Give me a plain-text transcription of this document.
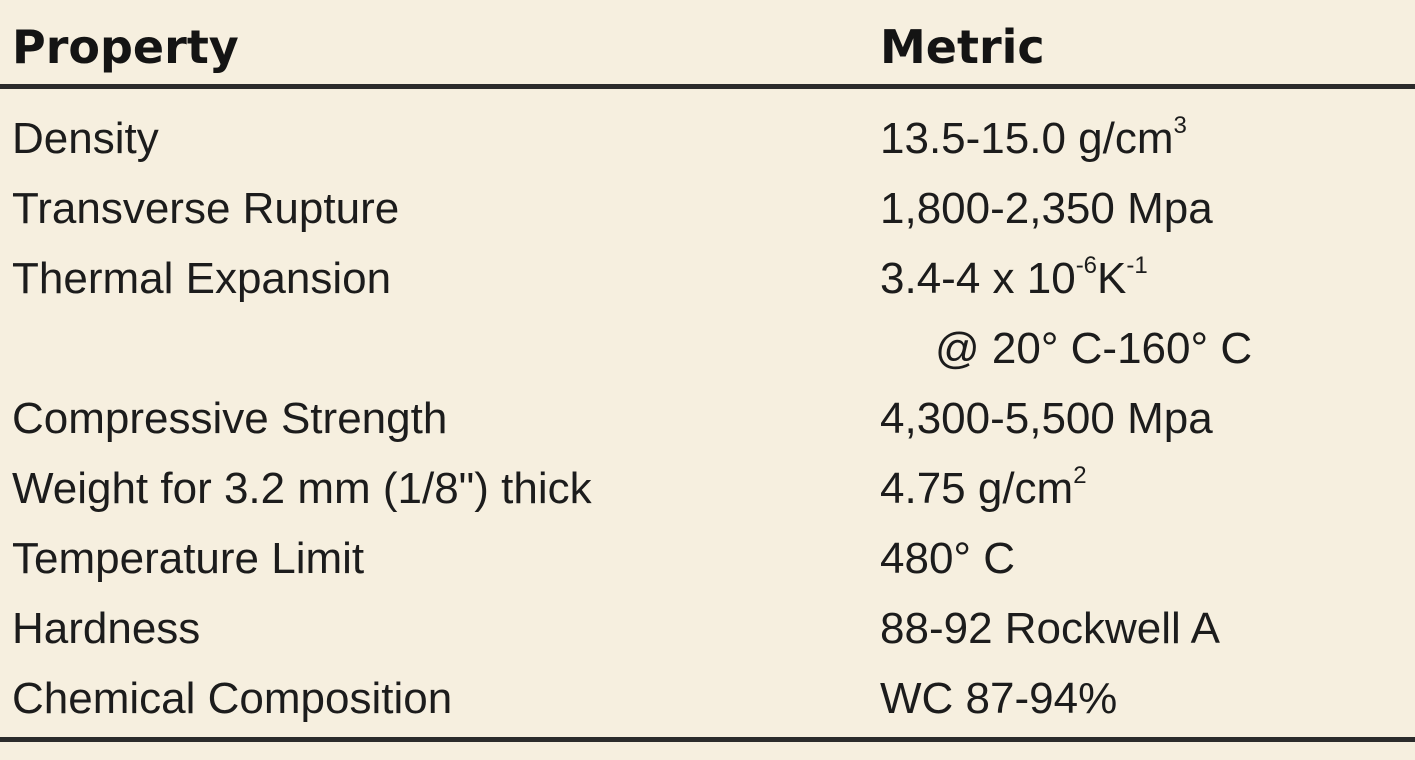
Property	Metric
Density	13.5-15.0 $g/cm^3$
Transverse Rupture	1,800-2,350 Mpa
Thermal Expansion	3.4-4 x $10^{-6}K^{-1}$
@ 20° C-160° C
Compressive Strength	4,300-5,500 Mpa
Weight for 3.2 mm (1/8") thick	4.75 $g/cm^2$
Temperature Limit	480° C
Hardness	88-92 Rockwell A
Chemical Composition	WC 87-94%
